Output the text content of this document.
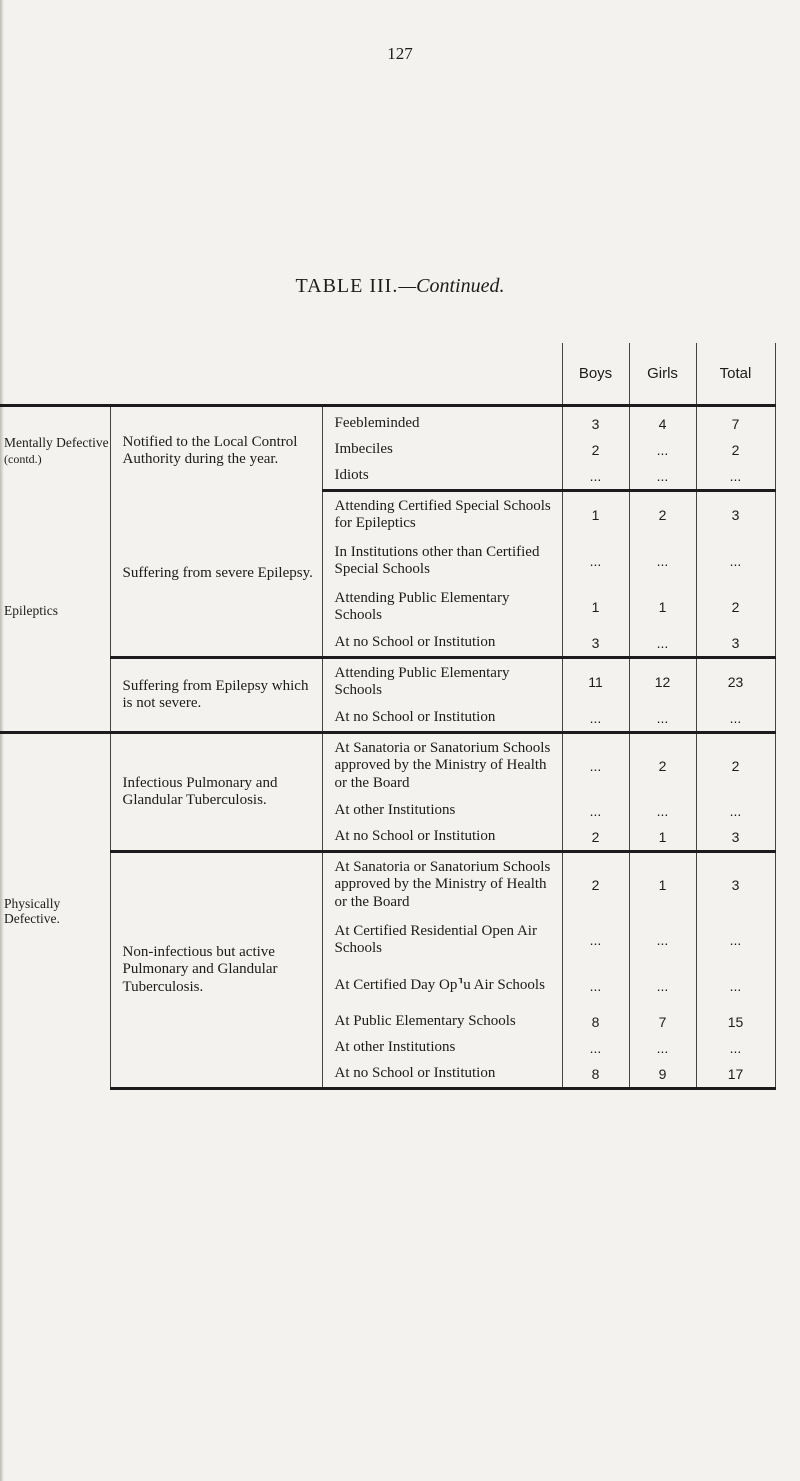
127
TABLE III.—Continued.
			Boys	Girls	Total
Mentally Defective
(contd.)	Notified to the Local Control Authority during the year.	Feebleminded	3	4	7
		Imbeciles	2	...	2
		Idiots	...	...	...
Epileptics	Suffering from severe Epilepsy.	Attending Certified Special Schools for Epileptics	1	2	3
		In Institutions other than Certified Special Schools	...	...	...
		Attending Public Elementary Schools	1	1	2
		At no School or Institution	3	...	3
	Suffering from Epilepsy which is not severe.	Attending Public Elementary Schools	11	12	23
		At no School or Institution	...	...	...
Physically Defective.	Infectious Pulmonary and Glandular Tuberculosis.	At Sanatoria or Sanatorium Schools approved by the Ministry of Health or the Board	...	2	2
		At other Institutions	...	...	...
		At no School or Institution	2	1	3
	Non-infectious but active Pulmonary and Glandular Tuberculosis.	At Sanatoria or Sanatorium Schools approved by the Ministry of Health or the Board	2	1	3
		At Certified Residential Open Air Schools	...	...	...
		At Certified Day Op⸣u Air Schools	...	...	...
		At Public Elementary Schools	8	7	15
		At other Institutions	...	...	...
		At no School or Institution	8	9	17
